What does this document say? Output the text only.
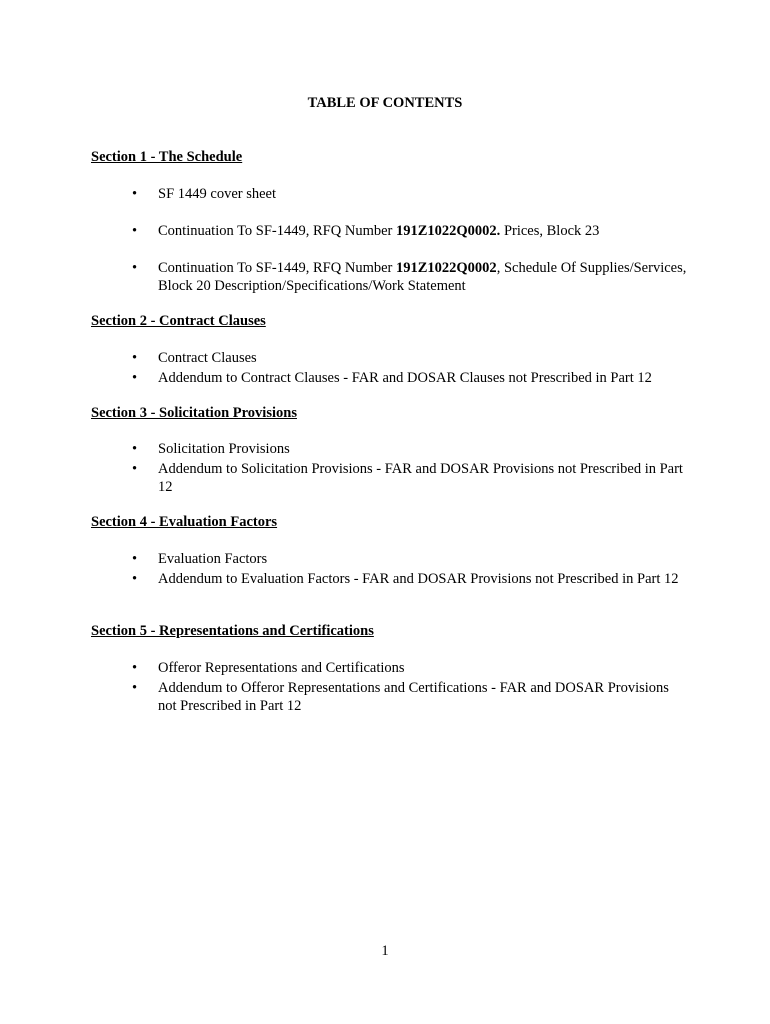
TABLE OF CONTENTS
Section 1 - The Schedule
• SF 1449 cover sheet
• Continuation To SF-1449, RFQ Number 191Z1022Q0002. Prices, Block 23
• Continuation To SF-1449, RFQ Number 191Z1022Q0002, Schedule Of Supplies/Services, Block 20 Description/Specifications/Work Statement
Section 2 - Contract Clauses
• Contract Clauses
• Addendum to Contract Clauses - FAR and DOSAR Clauses not Prescribed in Part 12
Section 3 - Solicitation Provisions
• Solicitation Provisions
• Addendum to Solicitation Provisions - FAR and DOSAR Provisions not Prescribed in Part 12
Section 4 - Evaluation Factors
• Evaluation Factors
• Addendum to Evaluation Factors - FAR and DOSAR Provisions not Prescribed in Part 12
Section 5 - Representations and Certifications
• Offeror Representations and Certifications
• Addendum to Offeror Representations and Certifications - FAR and DOSAR Provisions not Prescribed in Part 12
1
